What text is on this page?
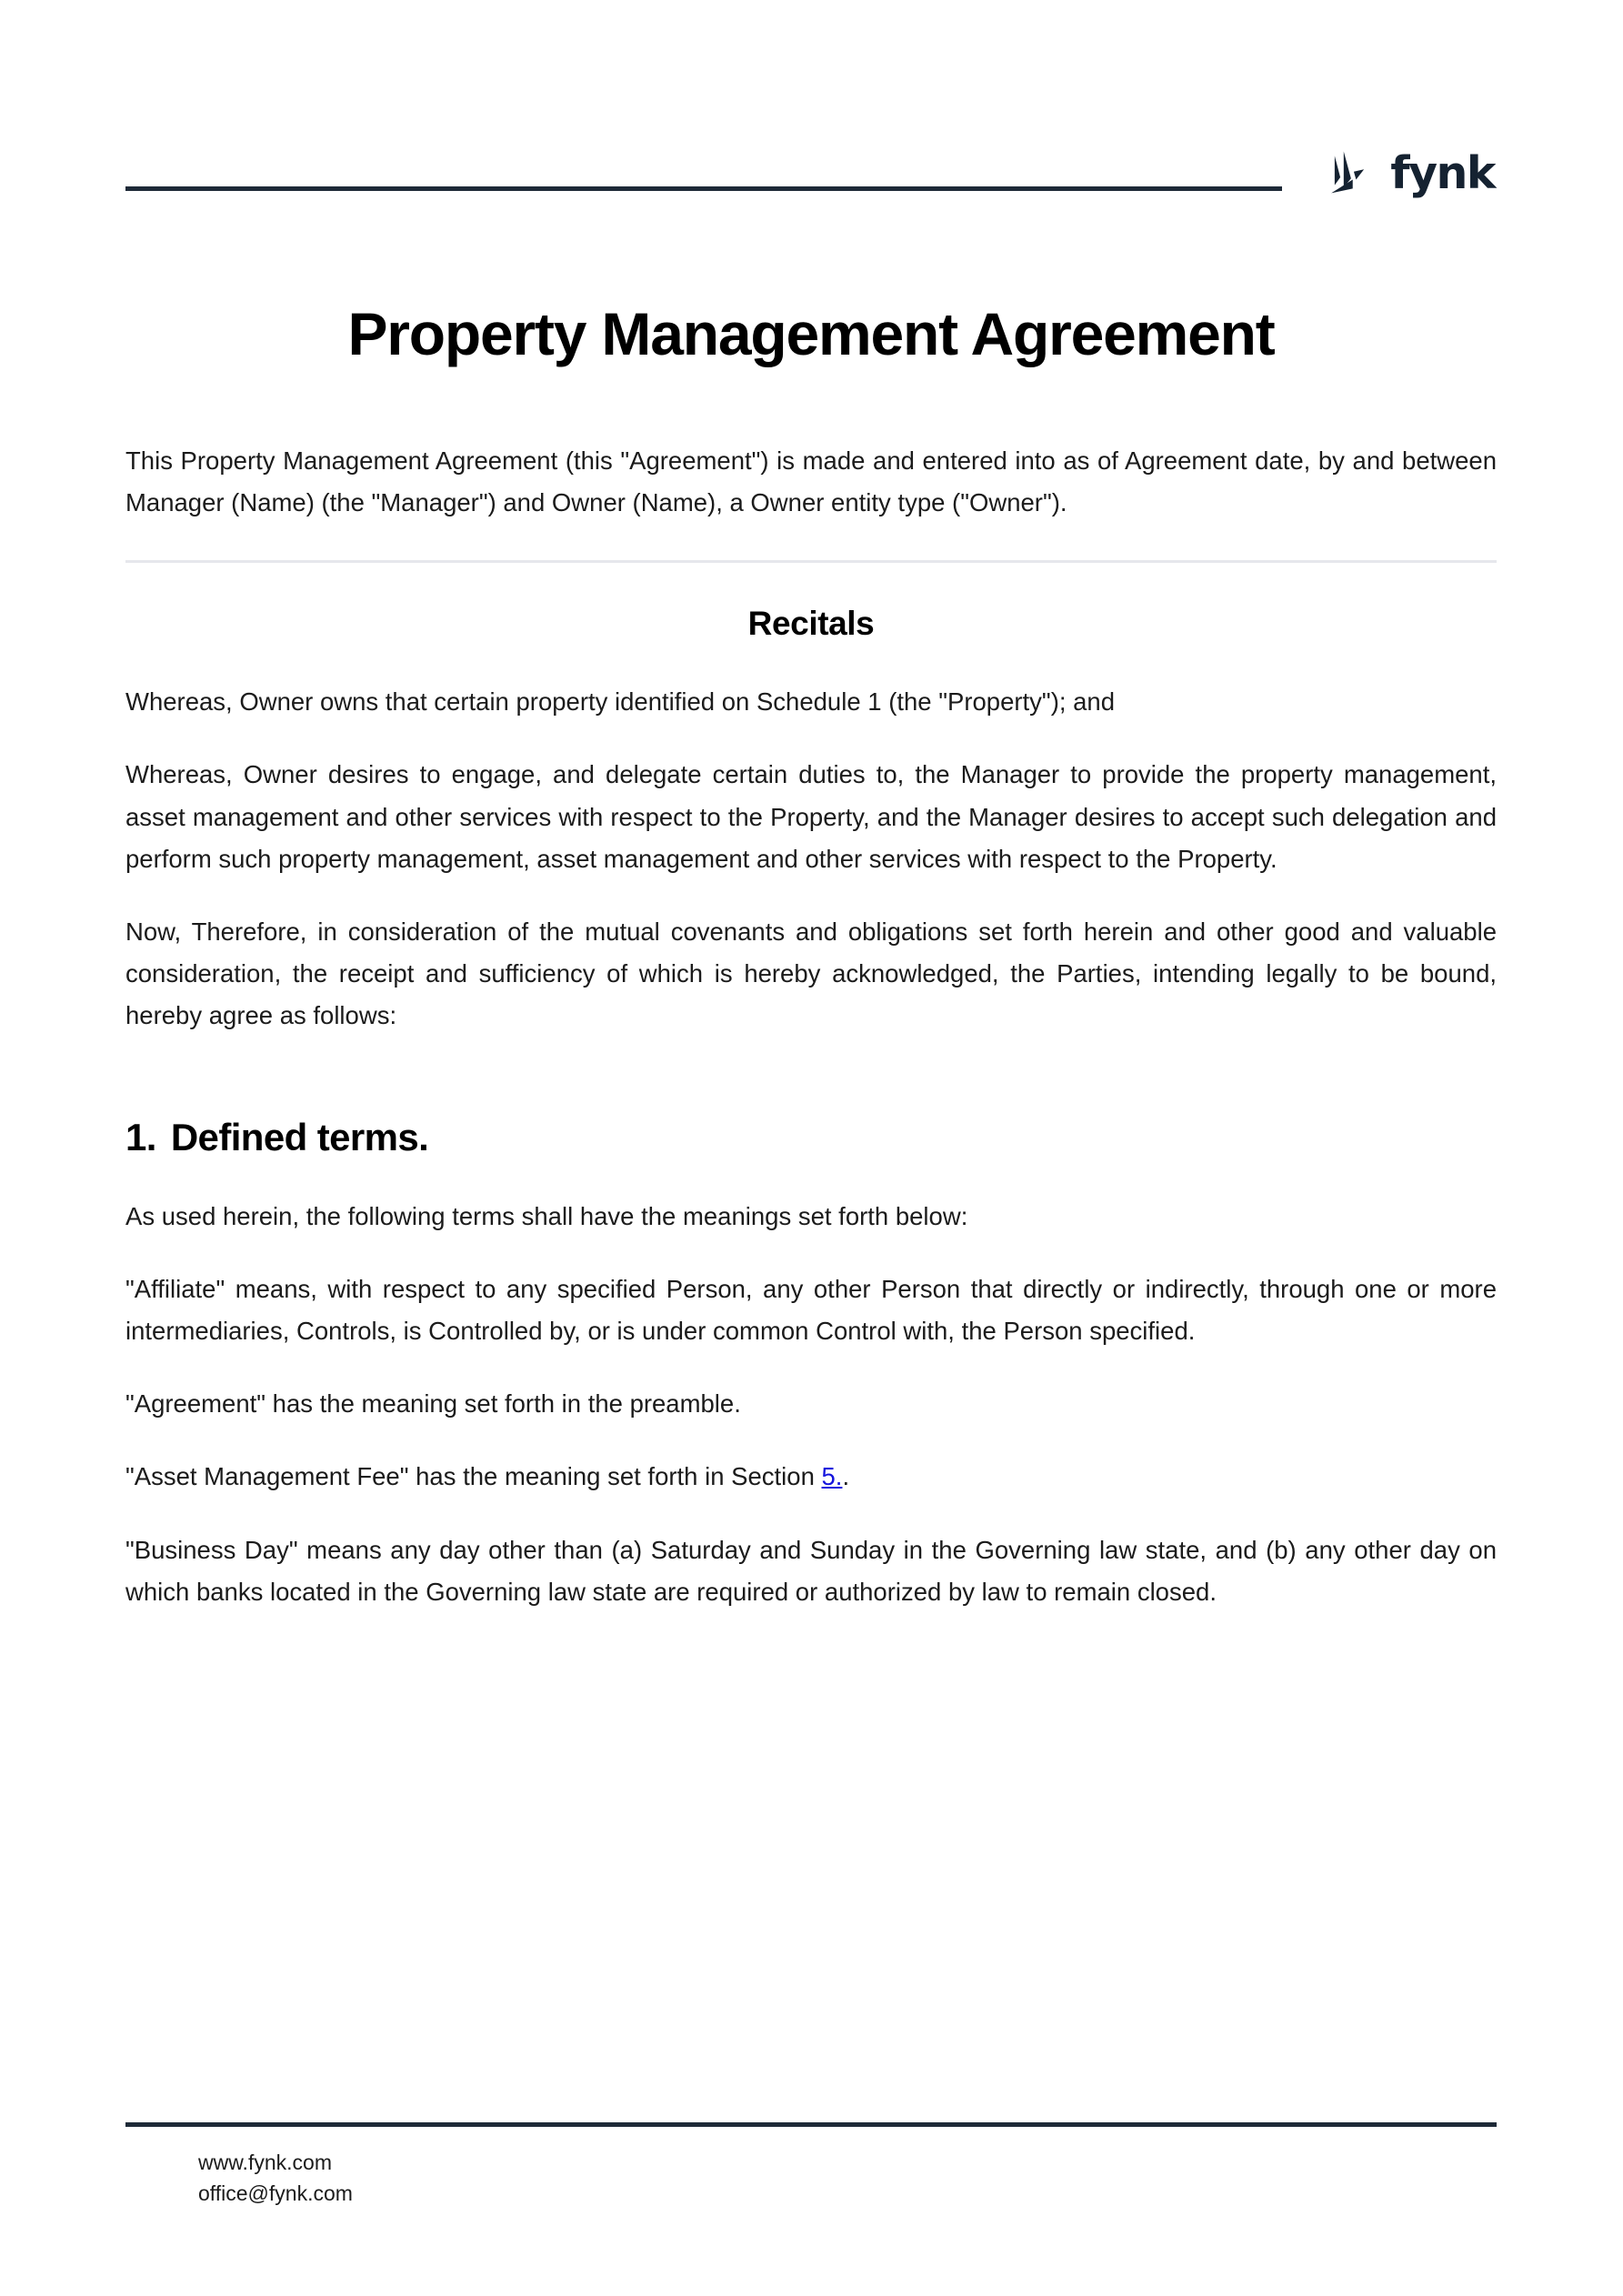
fynk
Property Management Agreement

This Property Management Agreement (this "Agreement") is made and entered into as of Agreement date, by and between Manager (Name) (the "Manager") and Owner (Name), a Owner entity type ("Owner").

Recitals

Whereas, Owner owns that certain property identified on Schedule 1 (the "Property"); and

Whereas, Owner desires to engage, and delegate certain duties to, the Manager to provide the property management, asset management and other services with respect to the Property, and the Manager desires to accept such delegation and perform such property management, asset management and other services with respect to the Property.

Now, Therefore, in consideration of the mutual covenants and obligations set forth herein and other good and valuable consideration, the receipt and sufficiency of which is hereby acknowledged, the Parties, intending legally to be bound, hereby agree as follows:

1. Defined terms.

As used herein, the following terms shall have the meanings set forth below:

"Affiliate" means, with respect to any specified Person, any other Person that directly or indirectly, through one or more intermediaries, Controls, is Controlled by, or is under common Control with, the Person specified.

"Agreement" has the meaning set forth in the preamble.

"Asset Management Fee" has the meaning set forth in Section 5..

"Business Day" means any day other than (a) Saturday and Sunday in the Governing law state, and (b) any other day on which banks located in the Governing law state are required or authorized by law to remain closed.

www.fynk.com
office@fynk.com
